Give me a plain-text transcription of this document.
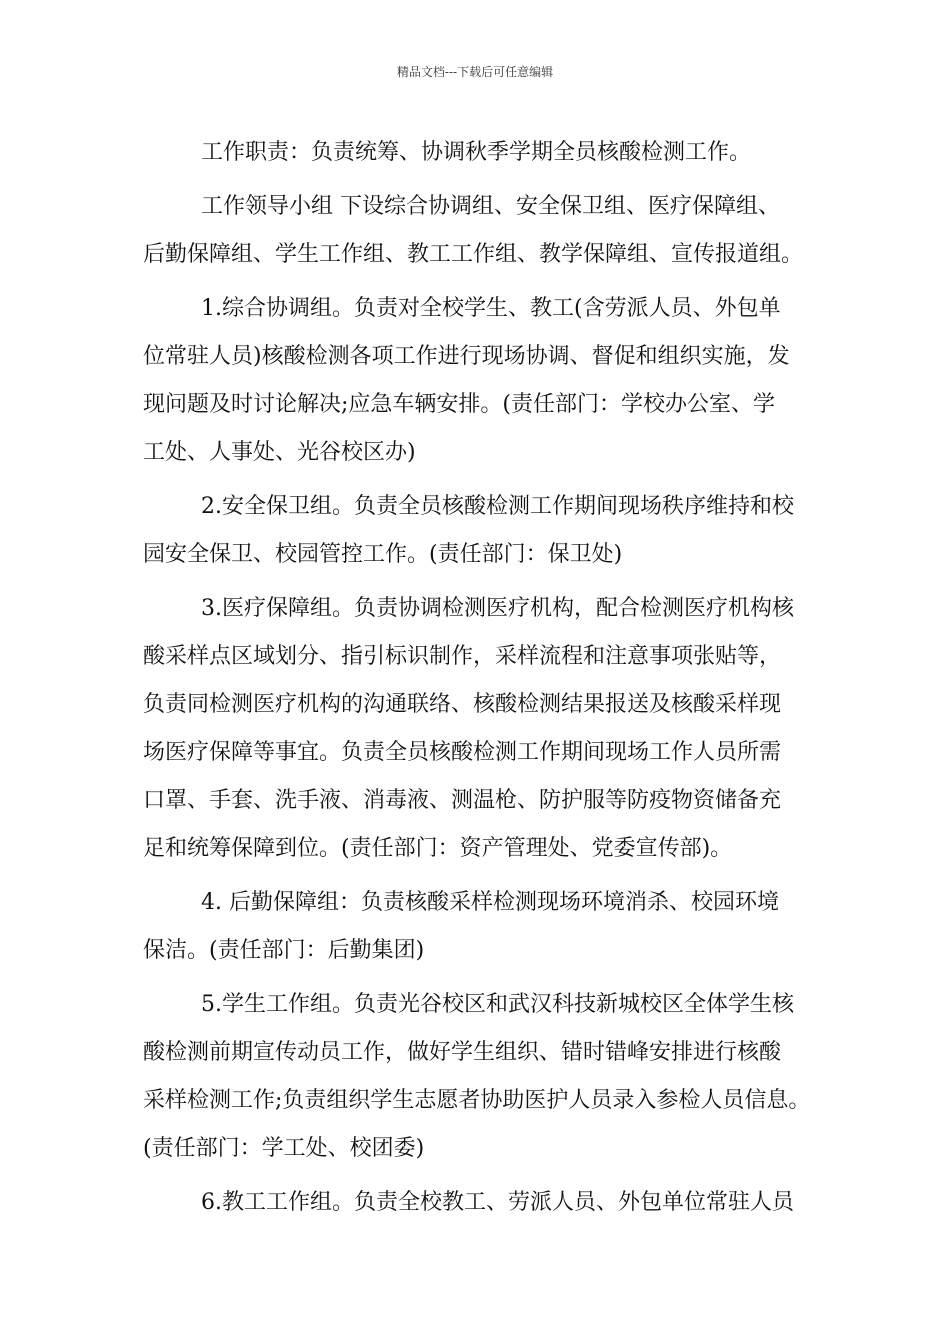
精品文档---下载后可任意编辑
工作职责：负责统筹、协调秋季学期全员核酸检测工作。
工作领导小组 下设综合协调组、安全保卫组、医疗保障组、
后勤保障组、学生工作组、教工工作组、教学保障组、宣传报道组。
1.综合协调组。负责对全校学生、教工(含劳派人员、外包单
位常驻人员)核酸检测各项工作进行现场协调、督促和组织实施，发
现问题及时讨论解决;应急车辆安排。(责任部门：学校办公室、学
工处、人事处、光谷校区办)
2.安全保卫组。负责全员核酸检测工作期间现场秩序维持和校
园安全保卫、校园管控工作。(责任部门：保卫处)
3.医疗保障组。负责协调检测医疗机构，配合检测医疗机构核
酸采样点区域划分、指引标识制作，采样流程和注意事项张贴等，
负责同检测医疗机构的沟通联络、核酸检测结果报送及核酸采样现
场医疗保障等事宜。负责全员核酸检测工作期间现场工作人员所需
口罩、手套、洗手液、消毒液、测温枪、防护服等防疫物资储备充
足和统筹保障到位。(责任部门：资产管理处、党委宣传部)。
4. 后勤保障组：负责核酸采样检测现场环境消杀、校园环境
保洁。(责任部门：后勤集团)
5.学生工作组。负责光谷校区和武汉科技新城校区全体学生核
酸检测前期宣传动员工作，做好学生组织、错时错峰安排进行核酸
采样检测工作;负责组织学生志愿者协助医护人员录入参检人员信息。
(责任部门：学工处、校团委)
6.教工工作组。负责全校教工、劳派人员、外包单位常驻人员
